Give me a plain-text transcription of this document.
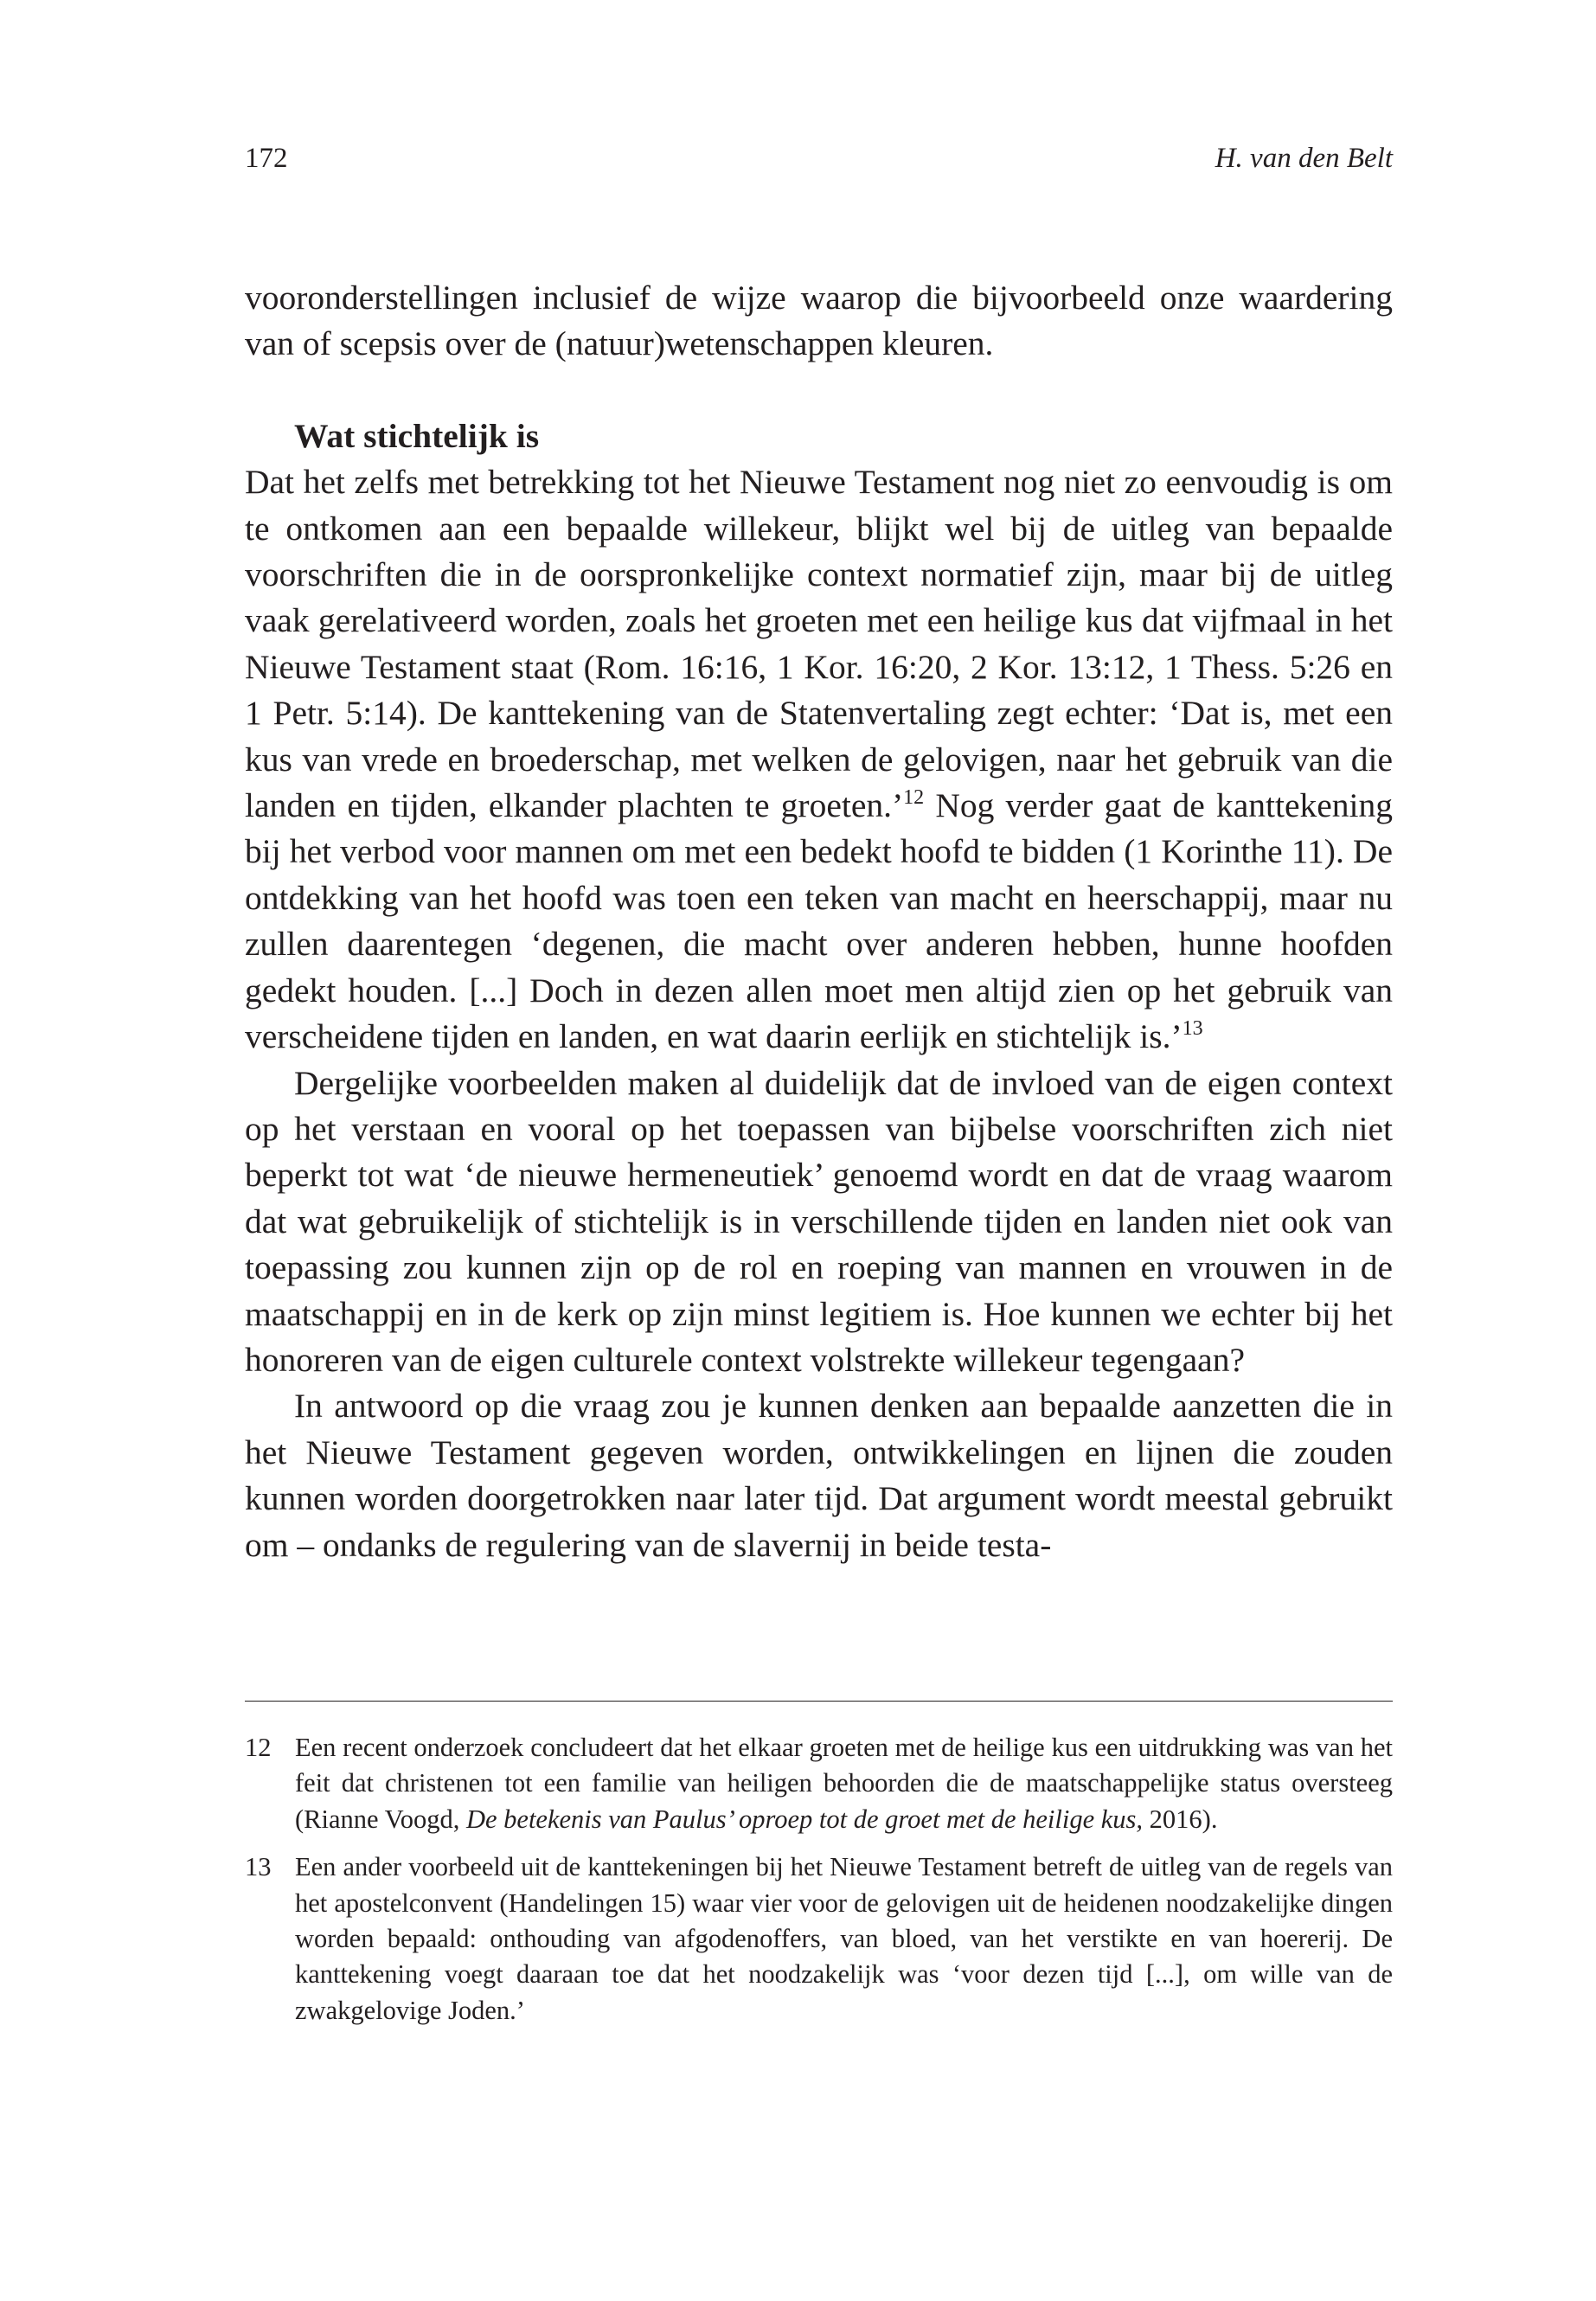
172	H. van den Belt

vooronderstellingen inclusief de wijze waarop die bijvoorbeeld onze waardering van of scepsis over de (natuur)wetenschappen kleuren.

Wat stichtelijk is

Dat het zelfs met betrekking tot het Nieuwe Testament nog niet zo eenvoudig is om te ontkomen aan een bepaalde willekeur, blijkt wel bij de uitleg van bepaalde voorschriften die in de oorspronkelijke context normatief zijn, maar bij de uitleg vaak gerelativeerd worden, zoals het groeten met een heilige kus dat vijfmaal in het Nieuwe Testament staat (Rom. 16:16, 1 Kor. 16:20, 2 Kor. 13:12, 1 Thess. 5:26 en 1 Petr. 5:14). De kanttekening van de Statenvertaling zegt echter: ‘Dat is, met een kus van vrede en broederschap, met welken de gelovigen, naar het gebruik van die landen en tijden, elkander plachten te groeten.’$^{12}$ Nog verder gaat de kanttekening bij het verbod voor mannen om met een bedekt hoofd te bidden (1 Korinthe 11). De ontdekking van het hoofd was toen een teken van macht en heerschappij, maar nu zullen daarentegen ‘degenen, die macht over anderen hebben, hunne hoofden gedekt houden. [...] Doch in dezen allen moet men altijd zien op het gebruik van verscheidene tijden en landen, en wat daarin eerlijk en stichtelijk is.’$^{13}$

Dergelijke voorbeelden maken al duidelijk dat de invloed van de eigen context op het verstaan en vooral op het toepassen van bijbelse voorschriften zich niet beperkt tot wat ‘de nieuwe hermeneutiek’ genoemd wordt en dat de vraag waarom dat wat gebruikelijk of stichtelijk is in verschillende tijden en landen niet ook van toepassing zou kunnen zijn op de rol en roeping van mannen en vrouwen in de maatschappij en in de kerk op zijn minst legitiem is. Hoe kunnen we echter bij het honoreren van de eigen culturele context volstrekte willekeur tegengaan?

In antwoord op die vraag zou je kunnen denken aan bepaalde aanzetten die in het Nieuwe Testament gegeven worden, ontwikkelingen en lijnen die zouden kunnen worden doorgetrokken naar later tijd. Dat argument wordt meestal gebruikt om – ondanks de regulering van de slavernij in beide testa-

12 Een recent onderzoek concludeert dat het elkaar groeten met de heilige kus een uitdrukking was van het feit dat christenen tot een familie van heiligen behoorden die de maatschappelijke status oversteeg (Rianne Voogd, De betekenis van Paulus’ oproep tot de groet met de heilige kus, 2016).
13 Een ander voorbeeld uit de kanttekeningen bij het Nieuwe Testament betreft de uitleg van de regels van het apostelconvent (Handelingen 15) waar vier voor de gelovigen uit de heidenen noodzakelijke dingen worden bepaald: onthouding van afgodenoffers, van bloed, van het verstikte en van hoererij. De kanttekening voegt daaraan toe dat het noodzakelijk was ‘voor dezen tijd [...], om wille van de zwakgelovige Joden.’
